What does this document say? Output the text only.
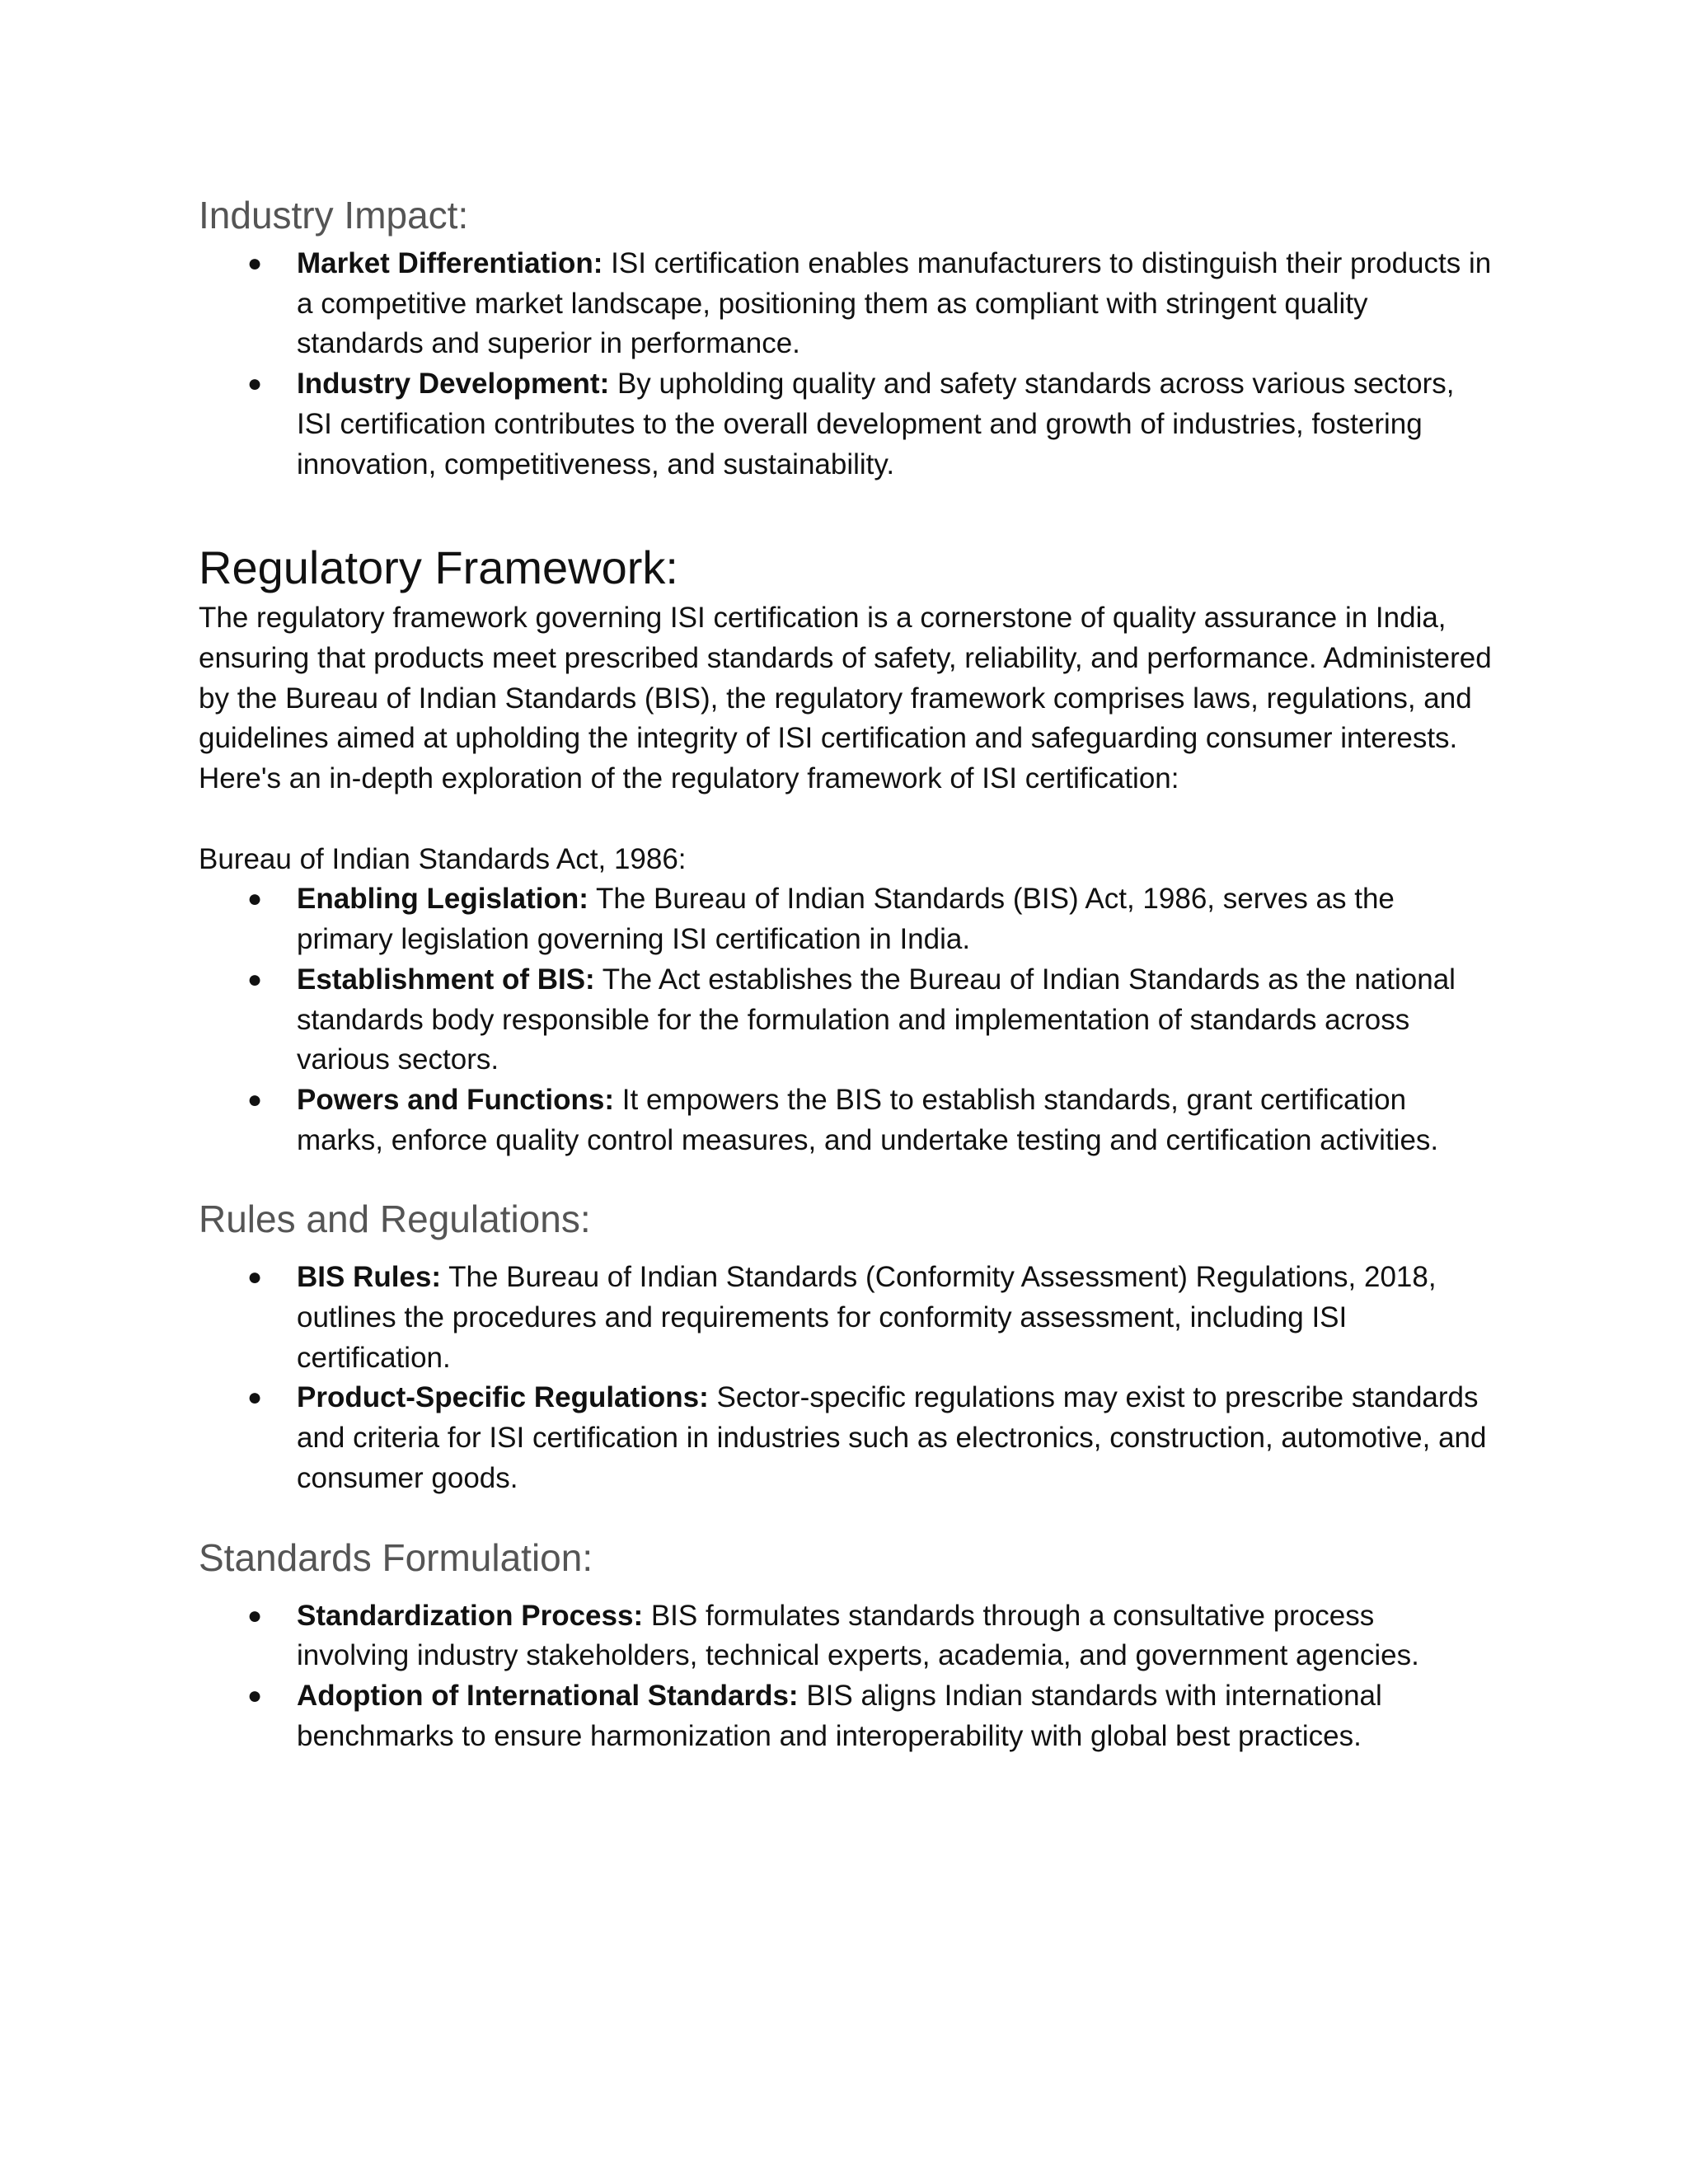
Industry Impact:
● Market Differentiation: ISI certification enables manufacturers to distinguish their products in a competitive market landscape, positioning them as compliant with stringent quality standards and superior in performance.
● Industry Development: By upholding quality and safety standards across various sectors, ISI certification contributes to the overall development and growth of industries, fostering innovation, competitiveness, and sustainability.
Regulatory Framework:

The regulatory framework governing ISI certification is a cornerstone of quality assurance in India, ensuring that products meet prescribed standards of safety, reliability, and performance. Administered by the Bureau of Indian Standards (BIS), the regulatory framework comprises laws, regulations, and guidelines aimed at upholding the integrity of ISI certification and safeguarding consumer interests. Here's an in-depth exploration of the regulatory framework of ISI certification:

Bureau of Indian Standards Act, 1986:

● Enabling Legislation: The Bureau of Indian Standards (BIS) Act, 1986, serves as the primary legislation governing ISI certification in India.
● Establishment of BIS: The Act establishes the Bureau of Indian Standards as the national standards body responsible for the formulation and implementation of standards across various sectors.
● Powers and Functions: It empowers the BIS to establish standards, grant certification marks, enforce quality control measures, and undertake testing and certification activities.
Rules and Regulations:
● BIS Rules: The Bureau of Indian Standards (Conformity Assessment) Regulations, 2018, outlines the procedures and requirements for conformity assessment, including ISI certification.
● Product-Specific Regulations: Sector-specific regulations may exist to prescribe standards and criteria for ISI certification in industries such as electronics, construction, automotive, and consumer goods.
Standards Formulation:
● Standardization Process: BIS formulates standards through a consultative process involving industry stakeholders, technical experts, academia, and government agencies.
● Adoption of International Standards: BIS aligns Indian standards with international benchmarks to ensure harmonization and interoperability with global best practices.
